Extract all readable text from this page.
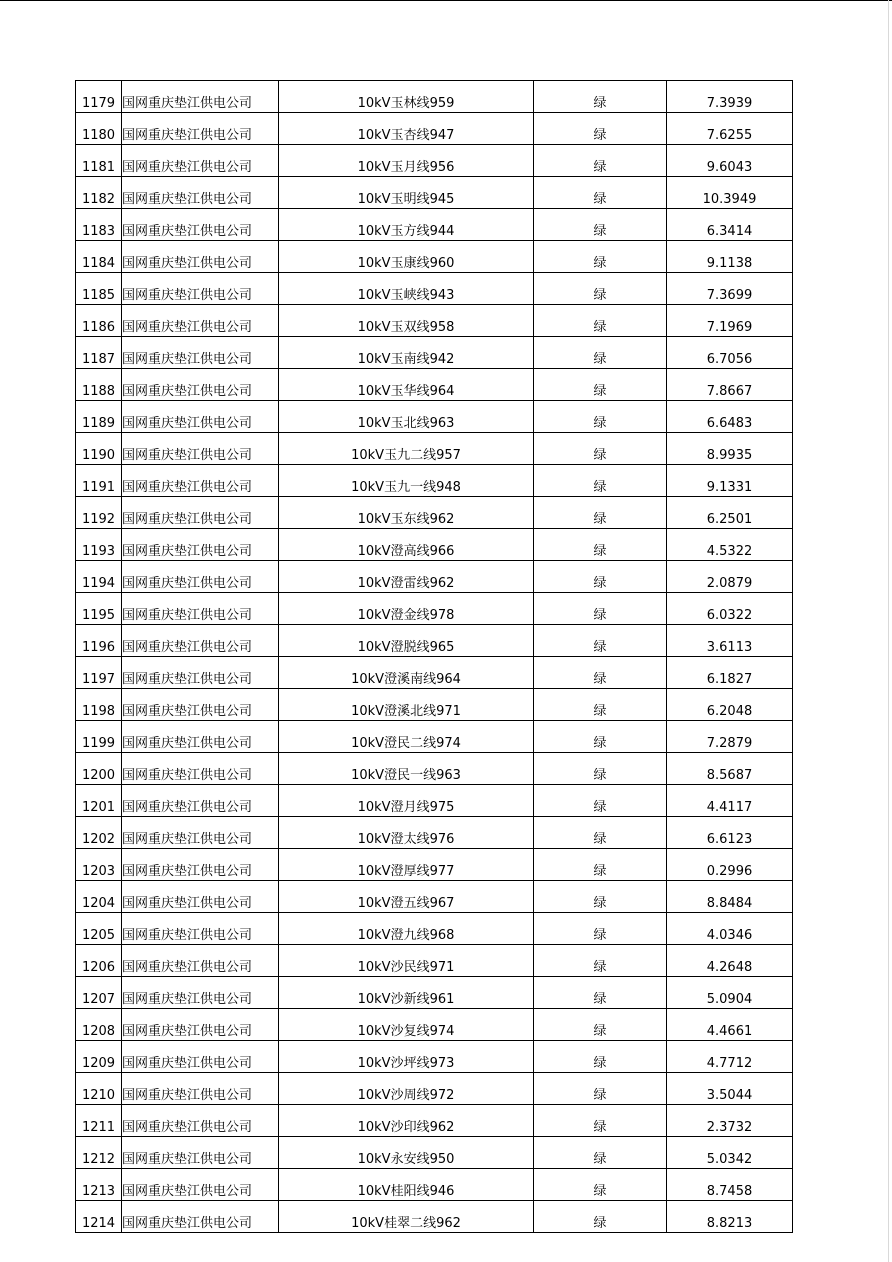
1179	国网重庆垫江供电公司	10kV玉林线959	绿	7.3939
1180	国网重庆垫江供电公司	10kV玉杏线947	绿	7.6255
1181	国网重庆垫江供电公司	10kV玉月线956	绿	9.6043
1182	国网重庆垫江供电公司	10kV玉明线945	绿	10.3949
1183	国网重庆垫江供电公司	10kV玉方线944	绿	6.3414
1184	国网重庆垫江供电公司	10kV玉康线960	绿	9.1138
1185	国网重庆垫江供电公司	10kV玉峡线943	绿	7.3699
1186	国网重庆垫江供电公司	10kV玉双线958	绿	7.1969
1187	国网重庆垫江供电公司	10kV玉南线942	绿	6.7056
1188	国网重庆垫江供电公司	10kV玉华线964	绿	7.8667
1189	国网重庆垫江供电公司	10kV玉北线963	绿	6.6483
1190	国网重庆垫江供电公司	10kV玉九二线957	绿	8.9935
1191	国网重庆垫江供电公司	10kV玉九一线948	绿	9.1331
1192	国网重庆垫江供电公司	10kV玉东线962	绿	6.2501
1193	国网重庆垫江供电公司	10kV澄高线966	绿	4.5322
1194	国网重庆垫江供电公司	10kV澄雷线962	绿	2.0879
1195	国网重庆垫江供电公司	10kV澄金线978	绿	6.0322
1196	国网重庆垫江供电公司	10kV澄脱线965	绿	3.6113
1197	国网重庆垫江供电公司	10kV澄溪南线964	绿	6.1827
1198	国网重庆垫江供电公司	10kV澄溪北线971	绿	6.2048
1199	国网重庆垫江供电公司	10kV澄民二线974	绿	7.2879
1200	国网重庆垫江供电公司	10kV澄民一线963	绿	8.5687
1201	国网重庆垫江供电公司	10kV澄月线975	绿	4.4117
1202	国网重庆垫江供电公司	10kV澄太线976	绿	6.6123
1203	国网重庆垫江供电公司	10kV澄厚线977	绿	0.2996
1204	国网重庆垫江供电公司	10kV澄五线967	绿	8.8484
1205	国网重庆垫江供电公司	10kV澄九线968	绿	4.0346
1206	国网重庆垫江供电公司	10kV沙民线971	绿	4.2648
1207	国网重庆垫江供电公司	10kV沙新线961	绿	5.0904
1208	国网重庆垫江供电公司	10kV沙复线974	绿	4.4661
1209	国网重庆垫江供电公司	10kV沙坪线973	绿	4.7712
1210	国网重庆垫江供电公司	10kV沙周线972	绿	3.5044
1211	国网重庆垫江供电公司	10kV沙印线962	绿	2.3732
1212	国网重庆垫江供电公司	10kV永安线950	绿	5.0342
1213	国网重庆垫江供电公司	10kV桂阳线946	绿	8.7458
1214	国网重庆垫江供电公司	10kV桂翠二线962	绿	8.8213
